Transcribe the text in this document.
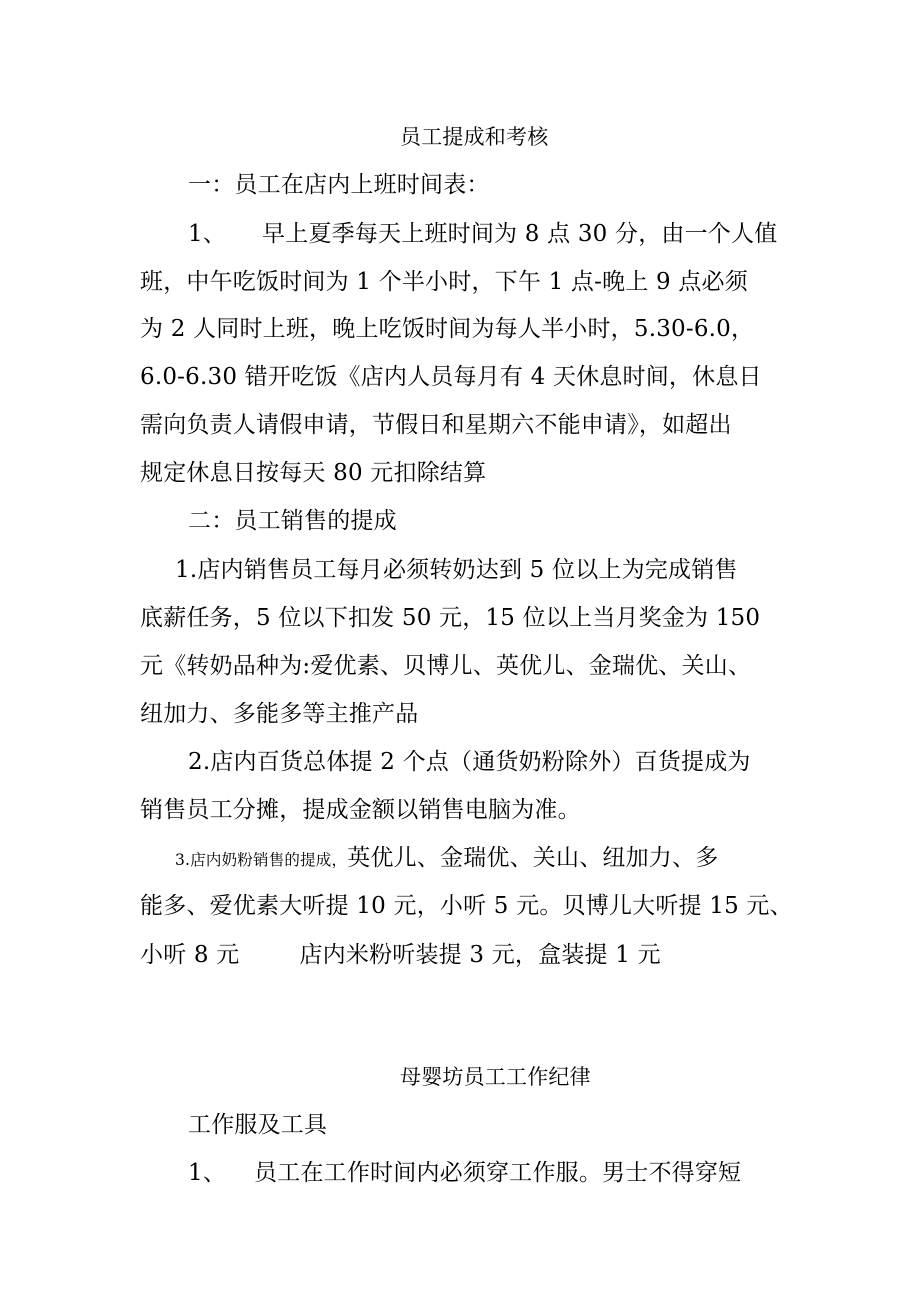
员工提成和考核
一：员工在店内上班时间表：
1、 早上夏季每天上班时间为 8 点 30 分，由一个人值
班，中午吃饭时间为 1 个半小时，下午 1 点-晚上 9 点必须
为 2 人同时上班，晚上吃饭时间为每人半小时，5.30-6.0，
6.0-6.30 错开吃饭《店内人员每月有 4 天休息时间，休息日
需向负责人请假申请，节假日和星期六不能申请》，如超出
规定休息日按每天 80 元扣除结算
二：员工销售的提成
1.店内销售员工每月必须转奶达到 5 位以上为完成销售
底薪任务，5 位以下扣发 50 元，15 位以上当月奖金为 150
元《转奶品种为:爱优素、贝博儿、英优儿、金瑞优、关山、
纽加力、多能多等主推产品
2.店内百货总体提 2 个点（通货奶粉除外）百货提成为
销售员工分摊，提成金额以销售电脑为准。
3.店内奶粉销售的提成，英优儿、金瑞优、关山、纽加力、多
能多、爱优素大听提 10 元，小听 5 元。贝博儿大听提 15 元、
小听 8 元	店内米粉听装提 3 元，盒装提 1 元
母婴坊员工工作纪律
工作服及工具
1、 员工在工作时间内必须穿工作服。男士不得穿短
